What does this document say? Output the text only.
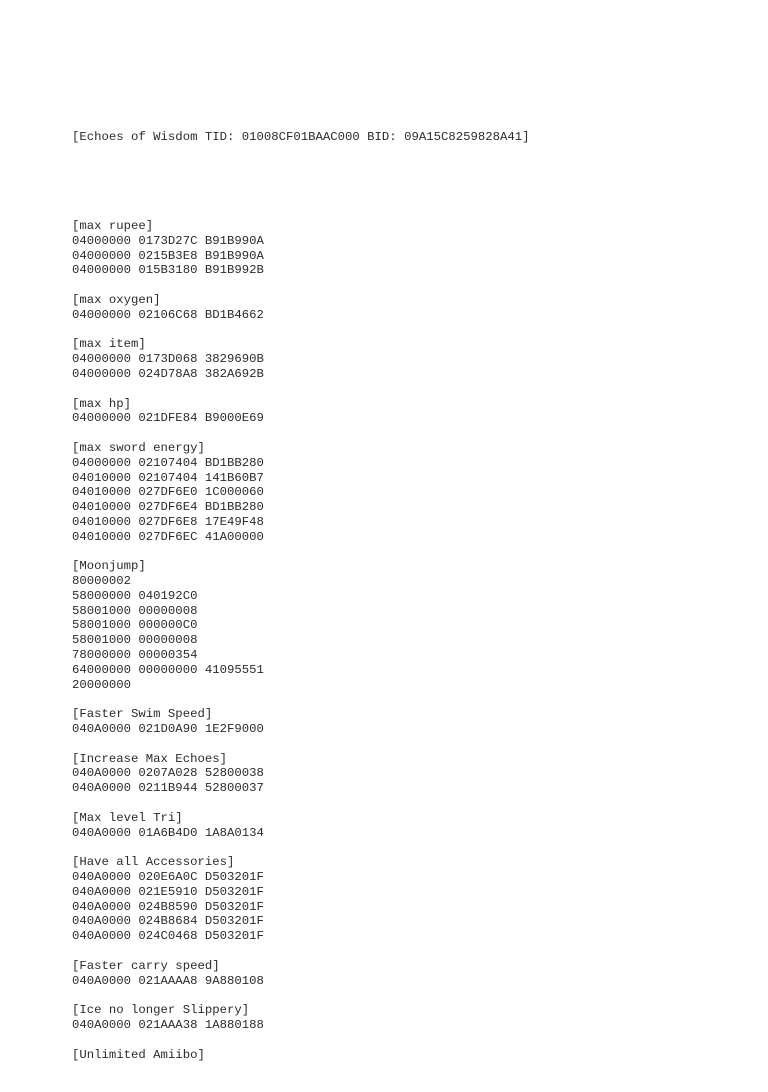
[Echoes of Wisdom TID: 01008CF01BAAC000 BID: 09A15C8259828A41]

[max rupee]
04000000 0173D27C B91B990A
04000000 0215B3E8 B91B990A
04000000 015B3180 B91B992B
[max oxygen]
04000000 02106C68 BD1B4662
[max item]
04000000 0173D068 3829690B
04000000 024D78A8 382A692B
[max hp]
04000000 021DFE84 B9000E69
[max sword energy]
04000000 02107404 BD1BB280
04010000 02107404 141B60B7
04010000 027DF6E0 1C000060
04010000 027DF6E4 BD1BB280
04010000 027DF6E8 17E49F48
04010000 027DF6EC 41A00000
[Moonjump]
80000002
58000000 040192C0
58001000 00000008
58001000 000000C0
58001000 00000008
78000000 00000354
64000000 00000000 41095551
20000000
[Faster Swim Speed]
040A0000 021D0A90 1E2F9000
[Increase Max Echoes]
040A0000 0207A028 52800038
040A0000 0211B944 52800037
[Max level Tri]
040A0000 01A6B4D0 1A8A0134
[Have all Accessories]
040A0000 020E6A0C D503201F
040A0000 021E5910 D503201F
040A0000 024B8590 D503201F
040A0000 024B8684 D503201F
040A0000 024C0468 D503201F
[Faster carry speed]
040A0000 021AAAA8 9A880108
[Ice no longer Slippery]
040A0000 021AAA38 1A880188
[Unlimited Amiibo]
